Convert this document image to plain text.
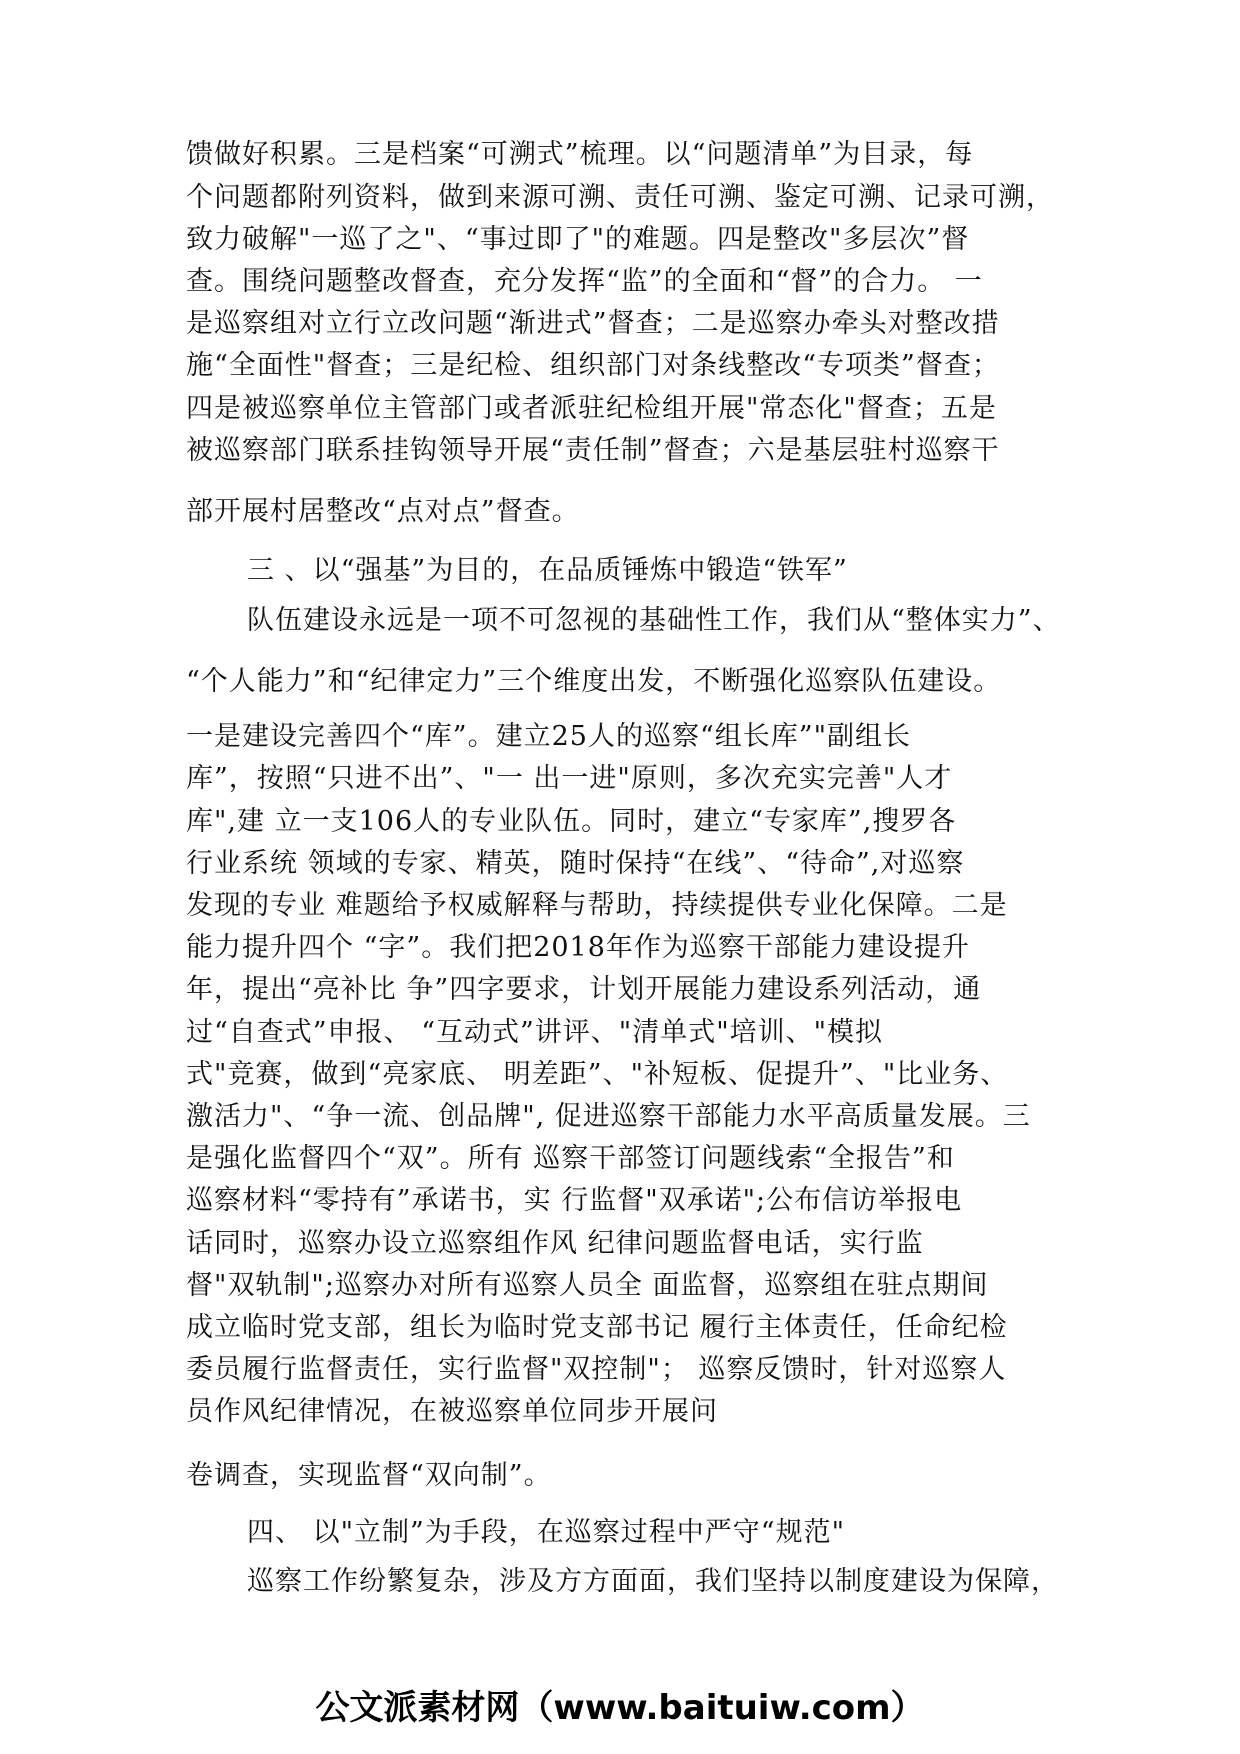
馈做好积累。三是档案“可溯式”梳理。以“问题清单”为目录，每
个问题都附列资料，做到来源可溯、责任可溯、鉴定可溯、记录可溯，
致力破解"一巡了之"、“事过即了"的难题。四是整改"多层次”督
查。围绕问题整改督查，充分发挥“监”的全面和“督”的合力。 一
是巡察组对立行立改问题“渐进式”督查；二是巡察办牵头对整改措
施“全面性"督查；三是纪检、组织部门对条线整改“专项类”督查；
四是被巡察单位主管部门或者派驻纪检组开展"常态化"督查；五是
被巡察部门联系挂钩领导开展“责任制”督查；六是基层驻村巡察干
部开展村居整改“点对点”督查。
三 、以“强基”为目的，在品质锤炼中锻造“铁军”
队伍建设永远是一项不可忽视的基础性工作，我们从“整体实力”、
“个人能力”和“纪律定力”三个维度出发，不断强化巡察队伍建设。
一是建设完善四个“库”。建立25人的巡察“组长库”"副组长
库”，按照“只进不出”、"一 出一进"原则，多次充实完善"人才
库",建 立一支106人的专业队伍。同时，建立“专家库”,搜罗各
行业系统 领域的专家、精英，随时保持“在线”、“待命”,对巡察
发现的专业 难题给予权威解释与帮助，持续提供专业化保障。二是
能力提升四个 “字”。我们把2018年作为巡察干部能力建设提升
年，提出“亮补比 争”四字要求，计划开展能力建设系列活动，通
过“自查式”申报、 “互动式”讲评、"清单式"培训、"模拟
式"竞赛，做到“亮家底、 明差距”、"补短板、促提升”、"比业务、
激活力"、“争一流、创品牌", 促进巡察干部能力水平高质量发展。三
是强化监督四个“双”。所有 巡察干部签订问题线索“全报告”和
巡察材料“零持有”承诺书，实 行监督"双承诺";公布信访举报电
话同时，巡察办设立巡察组作风 纪律问题监督电话，实行监
督"双轨制";巡察办对所有巡察人员全 面监督，巡察组在驻点期间
成立临时党支部，组长为临时党支部书记 履行主体责任，任命纪检
委员履行监督责任，实行监督"双控制"； 巡察反馈时，针对巡察人
员作风纪律情况，在被巡察单位同步开展问
卷调查，实现监督“双向制”。
四、 以"立制”为手段，在巡察过程中严守“规范"
巡察工作纷繁复杂，涉及方方面面，我们坚持以制度建设为保障，
公文派素材网（www.baituiw.com）
